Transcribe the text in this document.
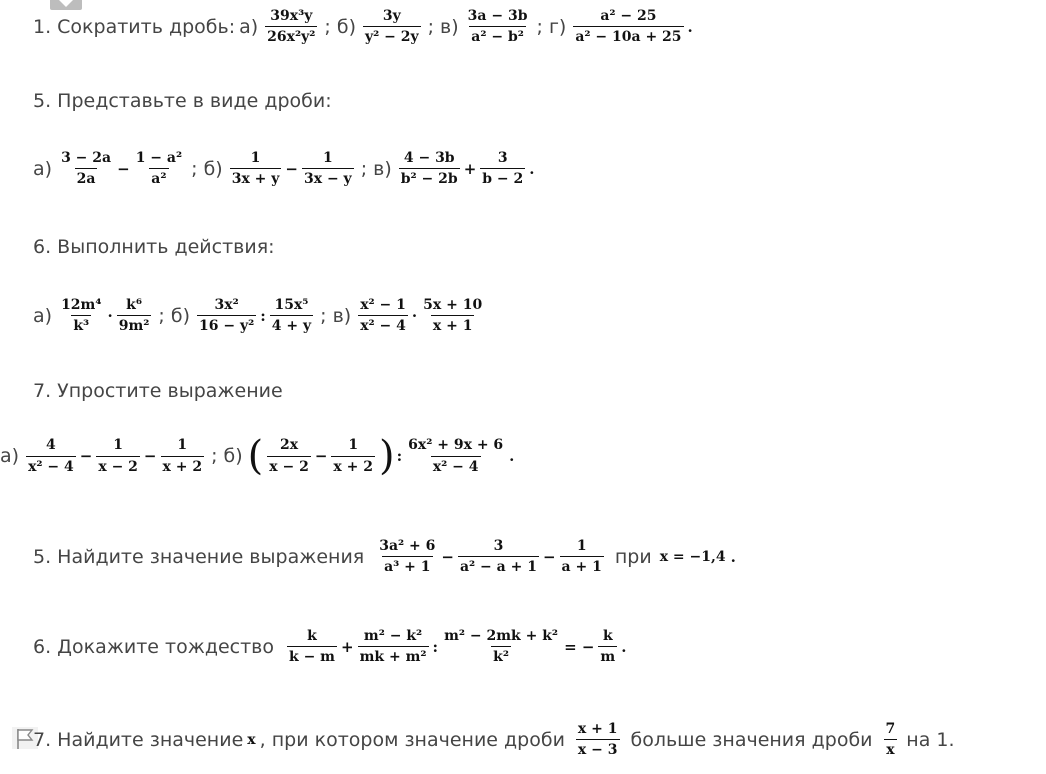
1. Сократить дробь: $а) \frac{\text{39x³y}}{\text{26x²y²}}$ ; $б) \frac{3y}{\text{y² − 2y}}$ ; $в) \frac{3a - 3b}{\text{a² − b²}}$ ; $г) \frac{\text{a² − 25}}{\text{a² − 10a + 25}}$ .
5. Представьте в виде дроби:
$а) \frac{3 - 2a}{2a} - \frac{\text{1 − a²}}{\text{a²}}$ ; $б) \frac{1}{3x + y} - \frac{1}{3x - y}$ ; $в) \frac{4 - 3b}{\text{b² − 2b}} + \frac{3}{b - 2}$ .
6. Выполнить действия:
$а) \frac{\text{12m⁴}}{\text{k³}} \cdot \frac{\text{k⁶}}{\text{9m²}}$ ; $б) \frac{\text{3x²}}{\text{16 − y²}}$ : $\frac{\text{15x⁵}}{4 + y}$ ; $в) \frac{\text{x² − 1}}{\text{x² − 4}} \cdot \frac{5x + 10}{x + 1}$
7. Упростите выражение
$а) \frac{4}{\text{x² − 4}} - \frac{1}{x - 2} - \frac{1}{x + 2}$ ; б) ( $\frac{2x}{x - 2} - \frac{1}{x + 2}$ ) : $\frac{\text{6x² + 9x + 6}}{\text{x² − 4}}$ .
5. Найдите значение выражения $\frac{\text{3a² + 6}}{\text{a³ + 1}} - \frac{3}{\text{a² − a + 1}} - \frac{1}{a + 1}$ при x = −1,4 .
6. Докажите тождество $\frac{k}{k - m} + \frac{\text{m² − k²}}{\text{mk + m²}}$ : $\frac{\text{m² − 2mk + k²}}{\text{k²}}$ = − $\frac{k}{m}$ .
7. Найдите значение x , при котором значение дроби $\frac{x + 1}{x - 3}$ больше значения дроби $\frac{7}{x}$ на 1.
